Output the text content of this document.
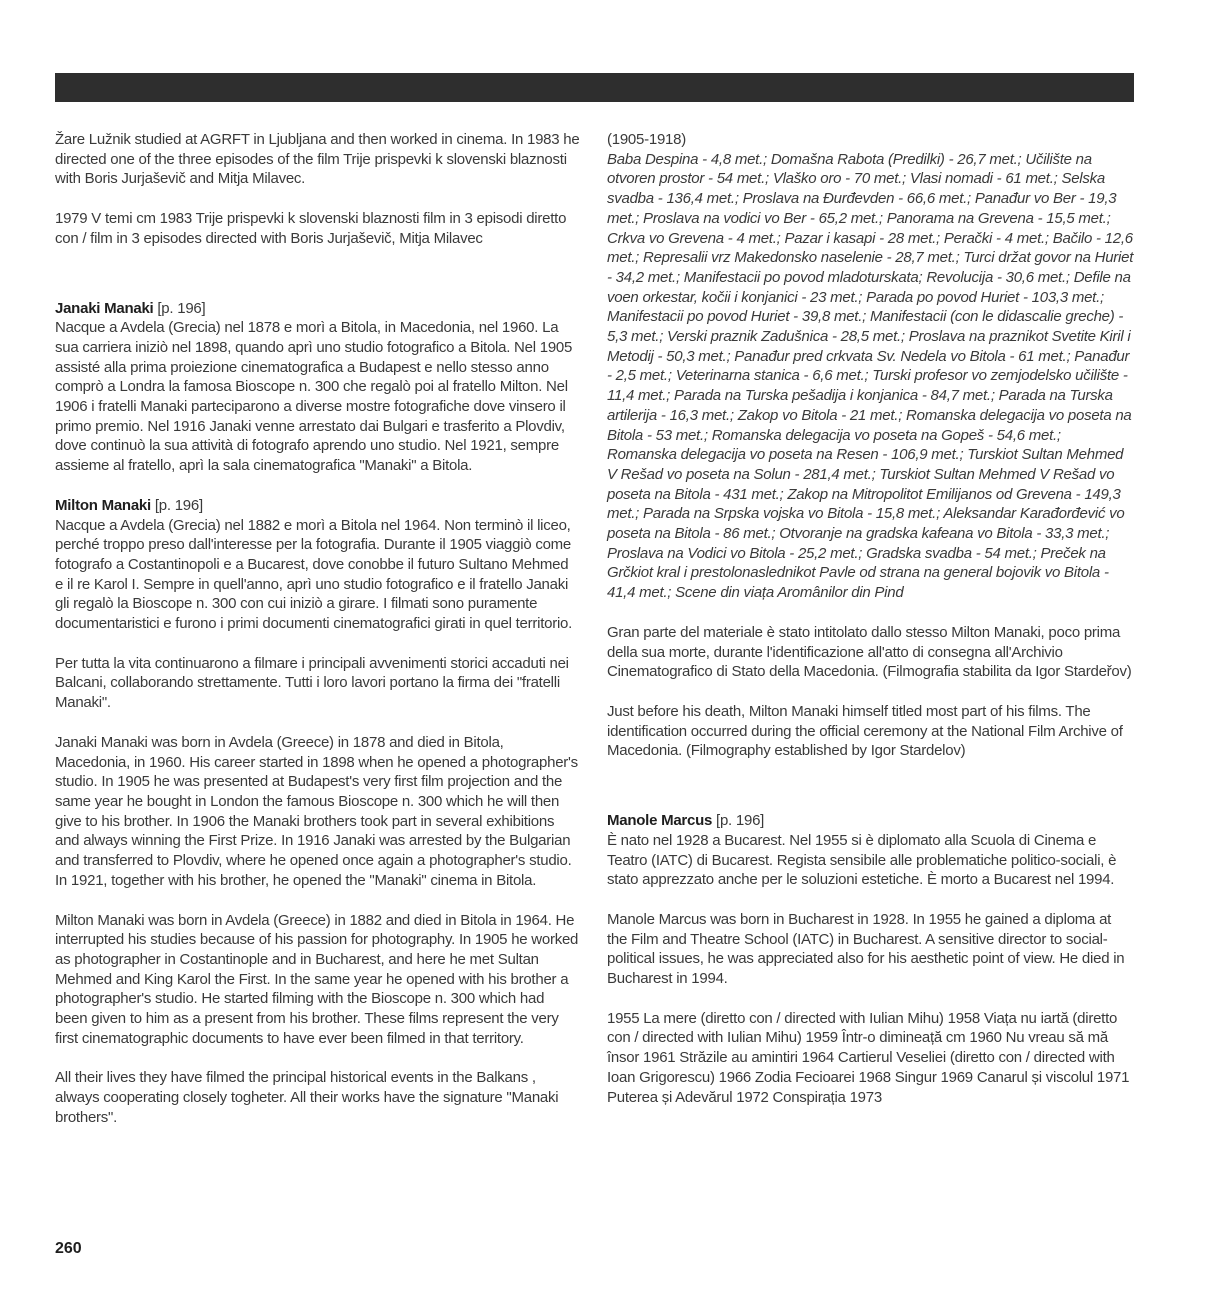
Žare Lužnik studied at AGRFT in Ljubljana and then worked in cinema. In 1983 he directed one of the three episodes of the film Trije prispevki k slovenski blaznosti with Boris Jurjaševič and Mitja Milavec.

1979 V temi cm 1983 Trije prispevki k slovenski blaznosti film in 3 episodi diretto con / film in 3 episodes directed with Boris Jurjaševič, Mitja Milavec

Janaki Manaki [p. 196]

Nacque a Avdela (Grecia) nel 1878 e morì a Bitola, in Macedonia, nel 1960. La sua carriera iniziò nel 1898, quando aprì uno studio fotografico a Bitola. Nel 1905 assisté alla prima proiezione cinematografica a Budapest e nello stesso anno comprò a Londra la famosa Bioscope n. 300 che regalò poi al fratello Milton. Nel 1906 i fratelli Manaki parteciparono a diverse mostre fotografiche dove vinsero il primo premio. Nel 1916 Janaki venne arrestato dai Bulgari e trasferito a Plovdiv, dove continuò la sua attività di fotografo aprendo uno studio. Nel 1921, sempre assieme al fratello, aprì la sala cinematografica "Manaki" a Bitola.

Milton Manaki [p. 196]

Nacque a Avdela (Grecia) nel 1882 e morì a Bitola nel 1964. Non terminò il liceo, perché troppo preso dall'interesse per la fotografia. Durante il 1905 viaggiò come fotografo a Costantinopoli e a Bucarest, dove conobbe il futuro Sultano Mehmed e il re Karol I. Sempre in quell'anno, aprì uno studio fotografico e il fratello Janaki gli regalò la Bioscope n. 300 con cui iniziò a girare. I filmati sono puramente documentaristici e furono i primi documenti cinematografici girati in quel territorio.

Per tutta la vita continuarono a filmare i principali avvenimenti storici accaduti nei Balcani, collaborando strettamente. Tutti i loro lavori portano la firma dei "fratelli Manaki".

Janaki Manaki was born in Avdela (Greece) in 1878 and died in Bitola, Macedonia, in 1960. His career started in 1898 when he opened a photographer's studio. In 1905 he was presented at Budapest's very first film projection and the same year he bought in London the famous Bioscope n. 300 which he will then give to his brother. In 1906 the Manaki brothers took part in several exhibitions and always winning the First Prize. In 1916 Janaki was arrested by the Bulgarian and transferred to Plovdiv, where he opened once again a photographer's studio. In 1921, together with his brother, he opened the "Manaki" cinema in Bitola.

Milton Manaki was born in Avdela (Greece) in 1882 and died in Bitola in 1964. He interrupted his studies because of his passion for photography. In 1905 he worked as photographer in Costantinople and in Bucharest, and here he met Sultan Mehmed and King Karol the First. In the same year he opened with his brother a photographer's studio. He started filming with the Bioscope n. 300 which had been given to him as a present from his brother. These films represent the very first cinematographic documents to have ever been filmed in that territory.

All their lives they have filmed the principal historical events in the Balkans , always cooperating closely togheter. All their works have the signature "Manaki brothers".

(1905-1918)

Baba Despina - 4,8 met.; Domašna Rabota (Predilki) - 26,7 met.; Učilište na otvoren prostor - 54 met.; Vlaško oro - 70 met.; Vlasi nomadi - 61 met.; Selska svadba - 136,4 met.; Proslava na Đurđevden - 66,6 met.; Panađur vo Ber - 19,3 met.; Proslava na vodici vo Ber - 65,2 met.; Panorama na Grevena - 15,5 met.; Crkva vo Grevena - 4 met.; Pazar i kasapi - 28 met.; Perački - 4 met.; Bačilo - 12,6 met.; Represalii vrz Makedonsko naselenie - 28,7 met.; Turci držat govor na Huriet - 34,2 met.; Manifestacii po povod mladoturskata; Revolucija - 30,6 met.; Defile na voen orkestar, kočii i konjanici - 23 met.; Parada po povod Huriet - 103,3 met.; Manifestacii po povod Huriet - 39,8 met.; Manifestacii (con le didascalie greche) - 5,3 met.; Verski praznik Zadušnica - 28,5 met.; Proslava na praznikot Svetite Kiril i Metodij - 50,3 met.; Panađur pred crkvata Sv. Nedela vo Bitola - 61 met.; Panađur - 2,5 met.; Veterinarna stanica - 6,6 met.; Turski profesor vo zemjodelsko učilište - 11,4 met.; Parada na Turska pešadija i konjanica - 84,7 met.; Parada na Turska artilerija - 16,3 met.; Zakop vo Bitola - 21 met.; Romanska delegacija vo poseta na Bitola - 53 met.; Romanska delegacija vo poseta na Gopeš - 54,6 met.; Romanska delegacija vo poseta na Resen - 106,9 met.; Turskiot Sultan Mehmed V Rešad vo poseta na Solun - 281,4 met.; Turskiot Sultan Mehmed V Rešad vo poseta na Bitola - 431 met.; Zakop na Mitropolitot Emilijanos od Grevena - 149,3 met.; Parada na Srpska vojska vo Bitola - 15,8 met.; Aleksandar Karađorđević vo poseta na Bitola - 86 met.; Otvoranje na gradska kafeana vo Bitola - 33,3 met.; Proslava na Vodici vo Bitola - 25,2 met.; Gradska svadba - 54 met.; Preček na Grčkiot kral i prestolonaslednikot Pavle od strana na general bojovik vo Bitola - 41,4 met.; Scene din viața Aromânilor din Pind

Gran parte del materiale è stato intitolato dallo stesso Milton Manaki, poco prima della sua morte, durante l'identificazione all'atto di consegna all'Archivio Cinematografico di Stato della Macedonia. (Filmografia stabilita da Igor Stardeřov)

Just before his death, Milton Manaki himself titled most part of his films. The identification occurred during the official ceremony at the National Film Archive of Macedonia. (Filmography established by Igor Stardelov)

Manole Marcus [p. 196]

È nato nel 1928 a Bucarest. Nel 1955 si è diplomato alla Scuola di Cinema e Teatro (IATC) di Bucarest. Regista sensibile alle problematiche politico-sociali, è stato apprezzato anche per le soluzioni estetiche. È morto a Bucarest nel 1994.

Manole Marcus was born in Bucharest in 1928. In 1955 he gained a diploma at the Film and Theatre School (IATC) in Bucharest. A sensitive director to social-political issues, he was appreciated also for his aesthetic point of view. He died in Bucharest in 1994.

1955 La mere (diretto con / directed with Iulian Mihu) 1958 Viața nu iartă (diretto con / directed with Iulian Mihu) 1959 Într-o dimineață cm 1960 Nu vreau să mă însor 1961 Străzile au amintiri 1964 Cartierul Veseliei (diretto con / directed with Ioan Grigorescu) 1966 Zodia Fecioarei 1968 Singur 1969 Canarul și viscolul 1971 Puterea și Adevărul 1972 Conspirația 1973

260
